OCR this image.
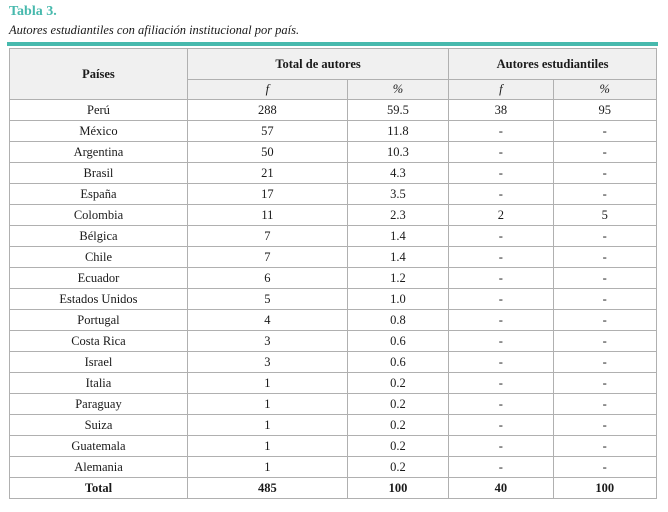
Tabla 3.
Autores estudiantiles con afiliación institucional por país.
Países	Total de autores		Autores estudiantiles	
	f	%	f	%
Perú	288	59.5	38	95
México	57	11.8	-	-
Argentina	50	10.3	-	-
Brasil	21	4.3	-	-
España	17	3.5	-	-
Colombia	11	2.3	2	5
Bélgica	7	1.4	-	-
Chile	7	1.4	-	-
Ecuador	6	1.2	-	-
Estados Unidos	5	1.0	-	-
Portugal	4	0.8	-	-
Costa Rica	3	0.6	-	-
Israel	3	0.6	-	-
Italia	1	0.2	-	-
Paraguay	1	0.2	-	-
Suiza	1	0.2	-	-
Guatemala	1	0.2	-	-
Alemania	1	0.2	-	-
Total	485	100	40	100
